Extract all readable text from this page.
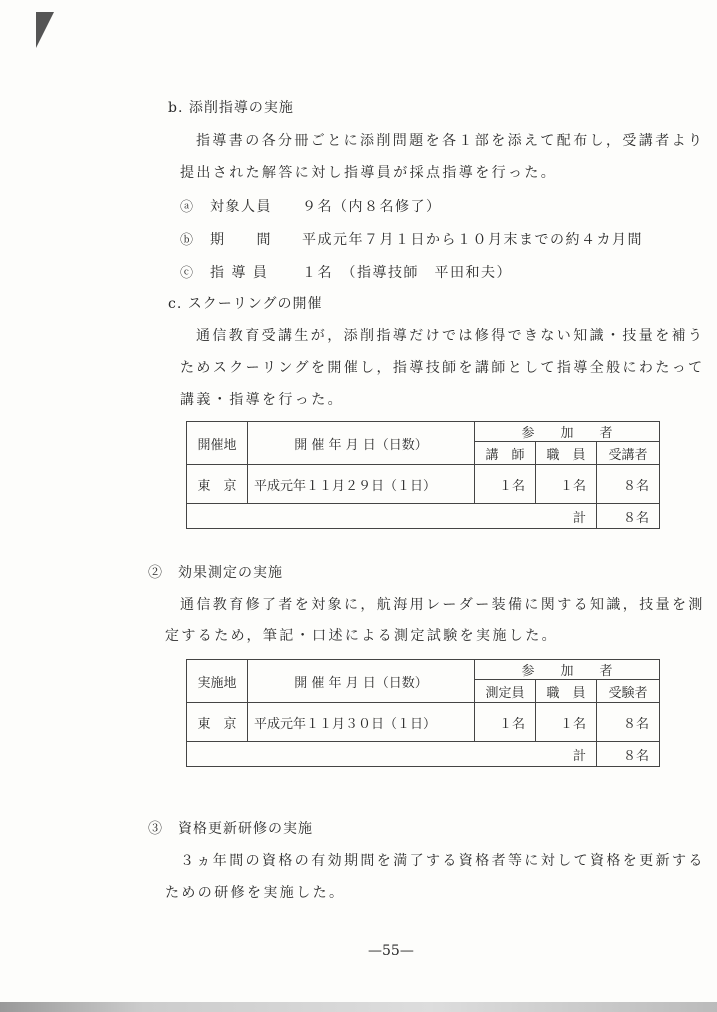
b. 添削指導の実施
指導書の各分冊ごとに添削問題を各１部を添えて配布し，受講者より
提出された解答に対し指導員が採点指導を行った。
ⓐ 対象人員 ９名（内８名修了）
ⓑ 期　　間 平成元年７月１日から１０月末までの約４カ月間
ⓒ 指 導 員 １名　（指導技師　平田和夫）
c. スクーリングの開催
通信教育受講生が，添削指導だけでは修得できない知識・技量を補う
ためスクーリングを開催し，指導技師を講師として指導全般にわたって
講義・指導を行った。
開催地	開 催 年 月 日（日数）	参　　加　　者		
		講　師	職　員	受講者
東　京	平成元年１１月２９日（１日）	１名	１名	８名
計				８名
②　効果測定の実施
通信教育修了者を対象に，航海用レーダー装備に関する知識，技量を測
定するため，筆記・口述による測定試験を実施した。
実施地	開 催 年 月 日（日数）	参　　加　　者		
		測定員	職　員	受験者
東　京	平成元年１１月３０日（１日）	１名	１名	８名
計				８名
③　資格更新研修の実施
３ヵ年間の資格の有効期間を満了する資格者等に対して資格を更新する
ための研修を実施した。
—55—
